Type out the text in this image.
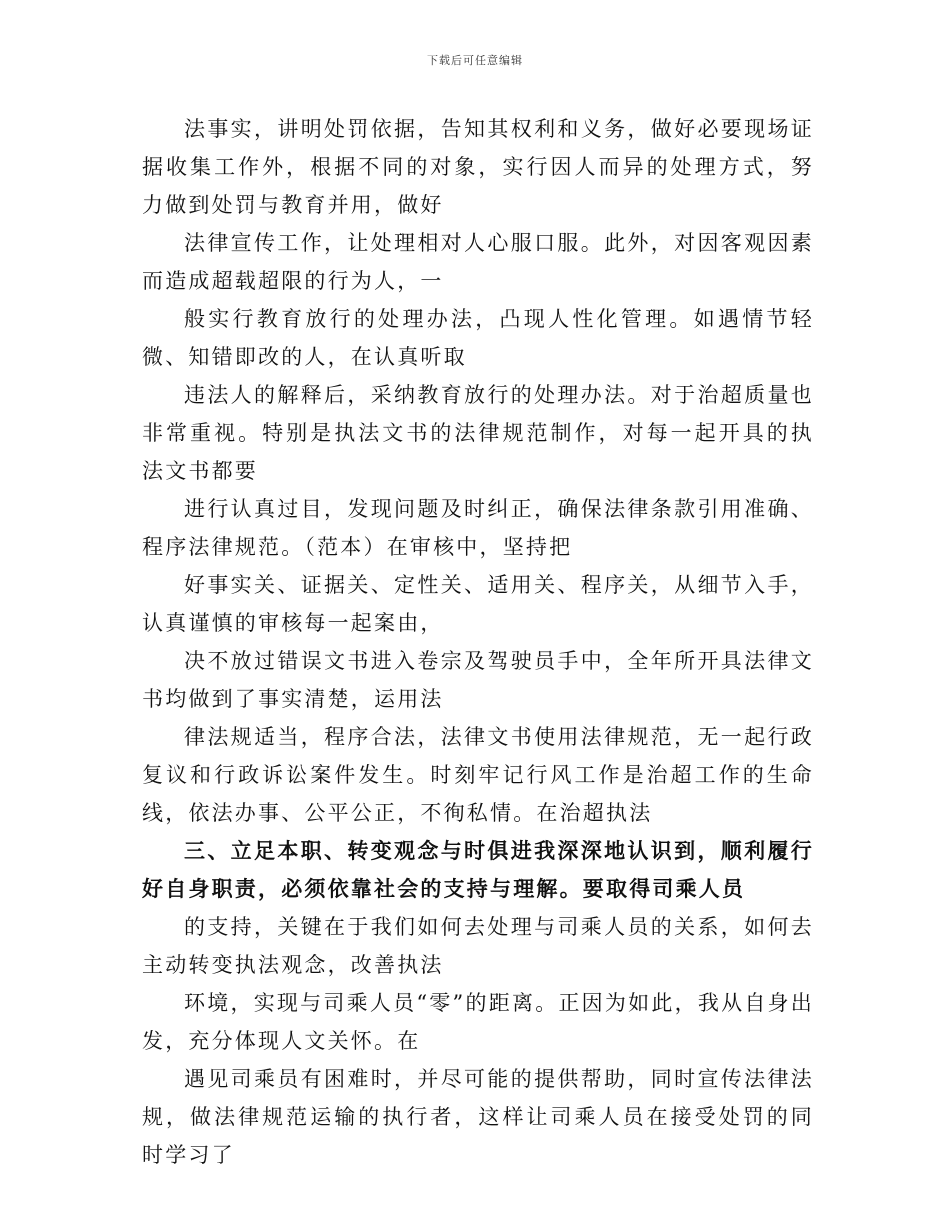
下载后可任意编辑

法事实，讲明处罚依据，告知其权利和义务，做好必要现场证据收集工作外，根据不同的对象，实行因人而异的处理方式，努力做到处罚与教育并用，做好

法律宣传工作，让处理相对人心服口服。此外，对因客观因素而造成超载超限的行为人，一

般实行教育放行的处理办法，凸现人性化管理。如遇情节轻微、知错即改的人，在认真听取

违法人的解释后，采纳教育放行的处理办法。对于治超质量也非常重视。特别是执法文书的法律规范制作，对每一起开具的执法文书都要

进行认真过目，发现问题及时纠正，确保法律条款引用准确、程序法律规范。（范本）在审核中，坚持把

好事实关、证据关、定性关、适用关、程序关，从细节入手，认真谨慎的审核每一起案由，

决不放过错误文书进入卷宗及驾驶员手中，全年所开具法律文书均做到了事实清楚，运用法

律法规适当，程序合法，法律文书使用法律规范，无一起行政复议和行政诉讼案件发生。时刻牢记行风工作是治超工作的生命线，依法办事、公平公正，不徇私情。在治超执法

三、立足本职、转变观念与时俱进我深深地认识到，顺利履行好自身职责，必须依靠社会的支持与理解。要取得司乘人员

的支持，关键在于我们如何去处理与司乘人员的关系，如何去主动转变执法观念，改善执法

环境，实现与司乘人员“零”的距离。正因为如此，我从自身出发，充分体现人文关怀。在

遇见司乘员有困难时，并尽可能的提供帮助，同时宣传法律法规，做法律规范运输的执行者，这样让司乘人员在接受处罚的同时学习了
